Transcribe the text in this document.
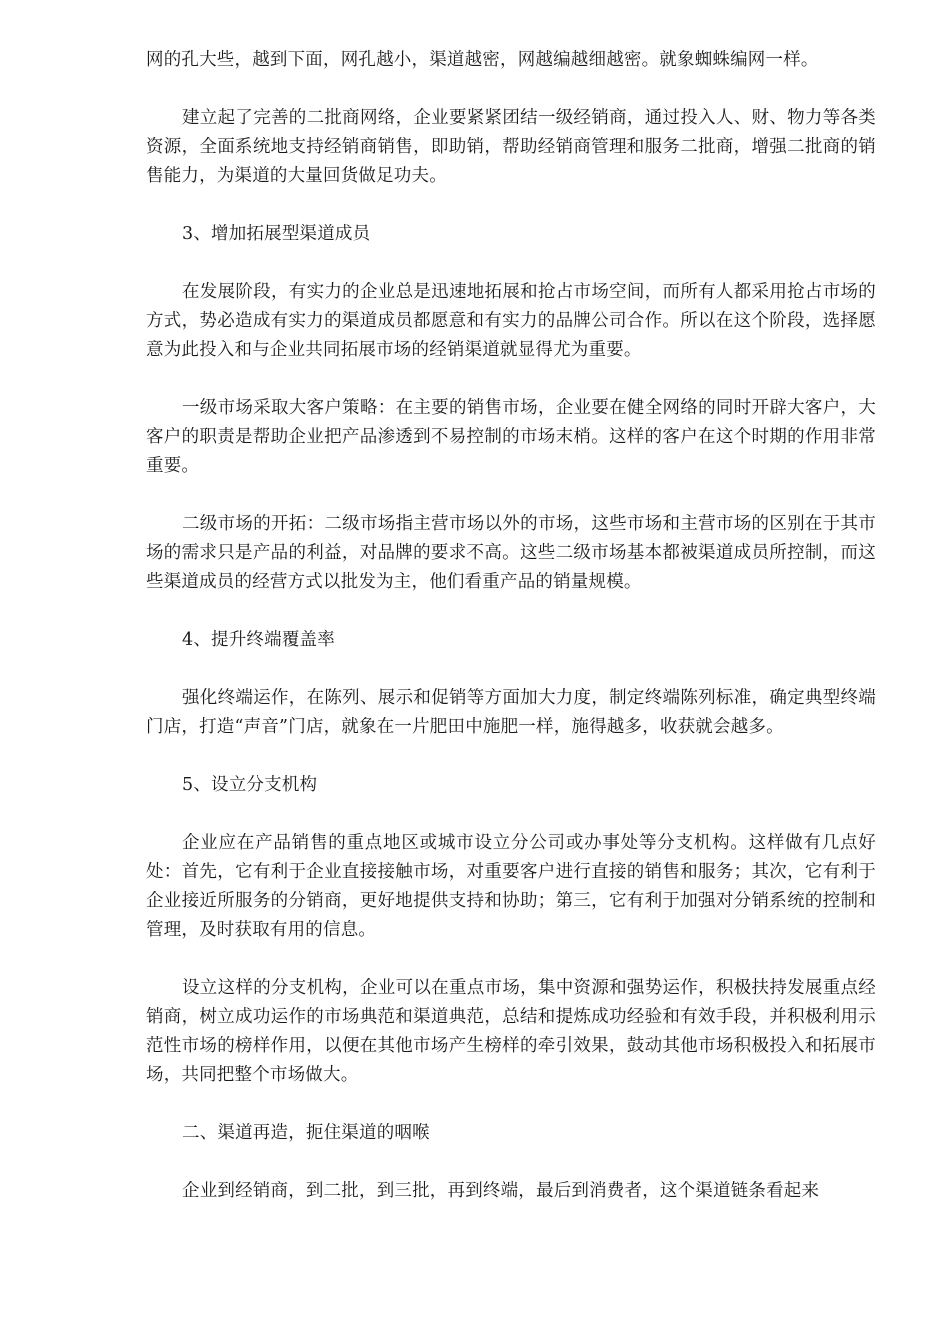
网的孔大些，越到下面，网孔越小，渠道越密，网越编越细越密。就象蜘蛛编网一样。

建立起了完善的二批商网络，企业要紧紧团结一级经销商，通过投入人、财、物力等各类资源，全面系统地支持经销商销售，即助销，帮助经销商管理和服务二批商，增强二批商的销售能力，为渠道的大量回货做足功夫。

3、增加拓展型渠道成员

在发展阶段，有实力的企业总是迅速地拓展和抢占市场空间，而所有人都采用抢占市场的方式，势必造成有实力的渠道成员都愿意和有实力的品牌公司合作。所以在这个阶段，选择愿意为此投入和与企业共同拓展市场的经销渠道就显得尤为重要。

一级市场采取大客户策略：在主要的销售市场，企业要在健全网络的同时开辟大客户，大客户的职责是帮助企业把产品渗透到不易控制的市场末梢。这样的客户在这个时期的作用非常重要。

二级市场的开拓：二级市场指主营市场以外的市场，这些市场和主营市场的区别在于其市场的需求只是产品的利益，对品牌的要求不高。这些二级市场基本都被渠道成员所控制，而这些渠道成员的经营方式以批发为主，他们看重产品的销量规模。

4、提升终端覆盖率

强化终端运作，在陈列、展示和促销等方面加大力度，制定终端陈列标准，确定典型终端门店，打造“声音”门店，就象在一片肥田中施肥一样，施得越多，收获就会越多。

5、设立分支机构

企业应在产品销售的重点地区或城市设立分公司或办事处等分支机构。这样做有几点好处：首先，它有利于企业直接接触市场，对重要客户进行直接的销售和服务；其次，它有利于企业接近所服务的分销商，更好地提供支持和协助；第三，它有利于加强对分销系统的控制和管理，及时获取有用的信息。

设立这样的分支机构，企业可以在重点市场，集中资源和强势运作，积极扶持发展重点经销商，树立成功运作的市场典范和渠道典范，总结和提炼成功经验和有效手段，并积极利用示范性市场的榜样作用，以便在其他市场产生榜样的牵引效果，鼓动其他市场积极投入和拓展市场，共同把整个市场做大。

二、渠道再造，扼住渠道的咽喉

企业到经销商，到二批，到三批，再到终端，最后到消费者，这个渠道链条看起来
